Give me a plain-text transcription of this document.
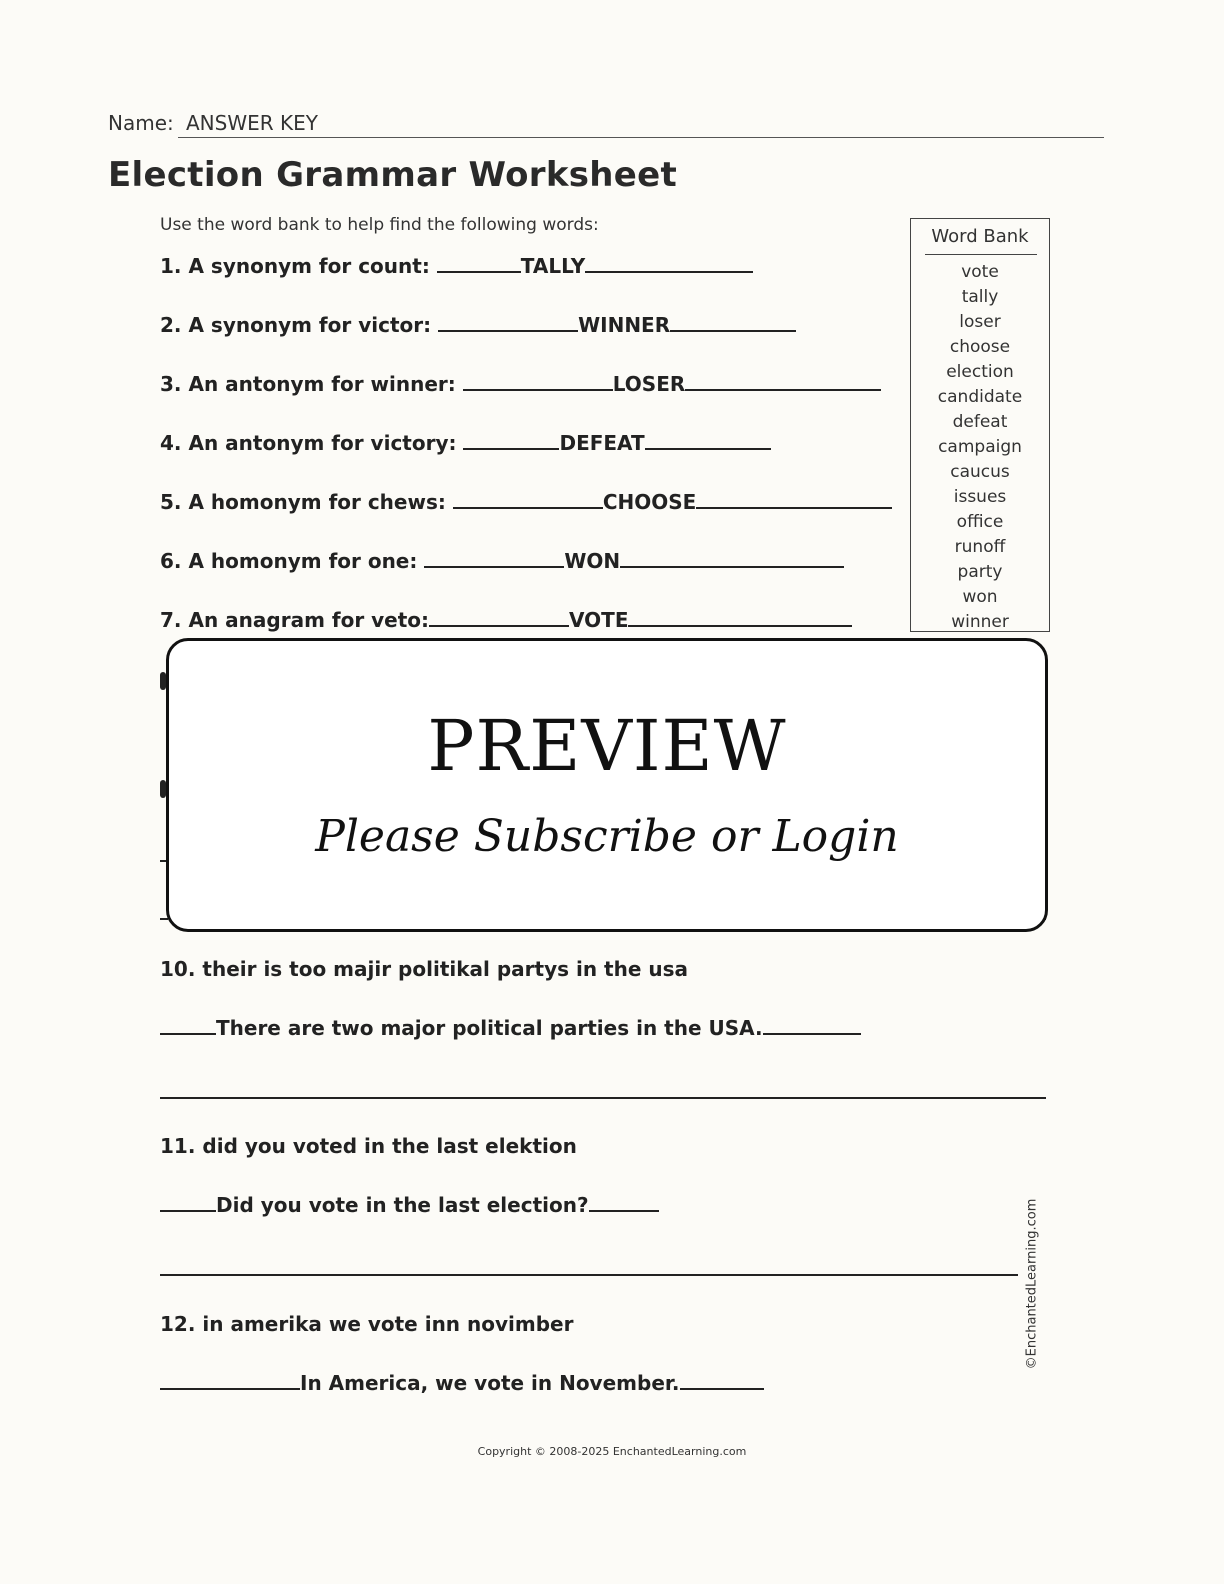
Name: ANSWER KEY
Election Grammar Worksheet
Use the word bank to help find the following words:
1. A synonym for count:	TALLY
2. A synonym for victor:	WINNER
3. An antonym for winner:	LOSER
4. An antonym for victory:	DEFEAT
5. A homonym for chews:	CHOOSE
6. A homonym for one:	WON
7. An anagram for veto:	VOTE
Word Bank
vote
tally
loser
choose
election
candidate
defeat
campaign
caucus
issues
office
runoff
party
won
winner
PREVIEW
Please Subscribe or Login
10. their is too majir politikal partys in the usa
There are two major political parties in the USA.
11. did you voted in the last elektion
Did you vote in the last election?
12. in amerika we vote inn novimber
In America, we vote in November.
©EnchantedLearning.com
Copyright © 2008-2025 EnchantedLearning.com
